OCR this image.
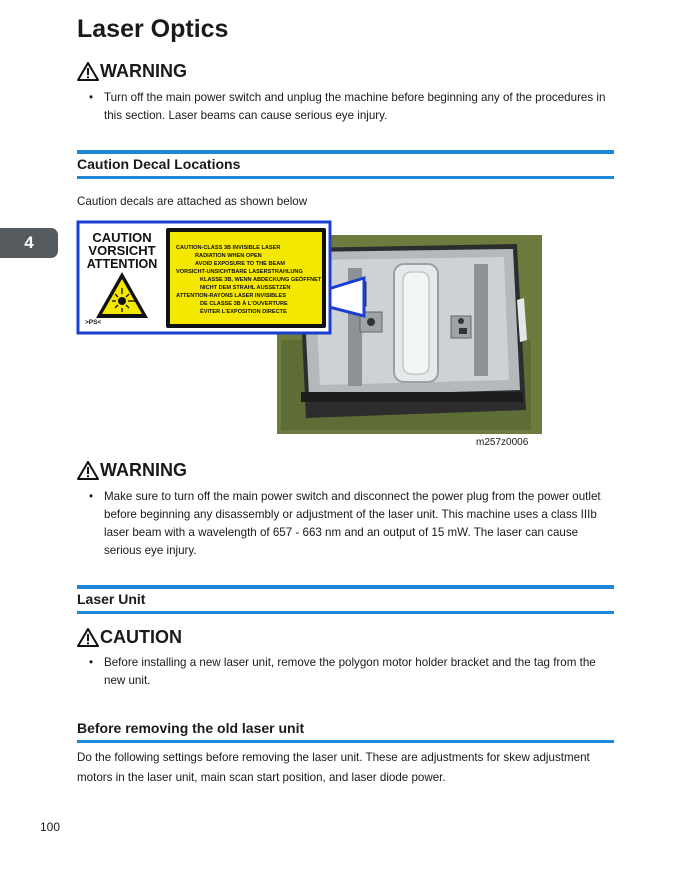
Laser Optics
WARNING
• Turn off the main power switch and unplug the machine before beginning any of the procedures in this section. Laser beams can cause serious eye injury.
Caution Decal Locations
Caution decals are attached as shown below
4	CAUTION
VORSICHT
ATTENTION
>PS<
CAUTION-CLASS 3B INVISIBLE LASER
RADIATION WHEN OPEN
AVOID EXPOSURE TO THE BEAM
VORSICHT-UNSICHTBARE LASERSTRAHLUNG
KLASSE 3B, WENN ABDECKUNG GEÖFFNET
NICHT DEM STRAHL AUSSETZEN
ATTENTION-RAYONS LASER INVISIBLES
DE CLASSE 3B À L'OUVERTURE
ÉVITER L'EXPOSITION DIRECTE
m257z0006
WARNING
• Make sure to turn off the main power switch and disconnect the power plug from the power outlet before beginning any disassembly or adjustment of the laser unit. This machine uses a class IIIb laser beam with a wavelength of 657 - 663 nm and an output of 15 mW. The laser can cause serious eye injury.
Laser Unit
CAUTION
• Before installing a new laser unit, remove the polygon motor holder bracket and the tag from the new unit.
Before removing the old laser unit
Do the following settings before removing the laser unit. These are adjustments for skew adjustment motors in the laser unit, main scan start position, and laser diode power.
100
